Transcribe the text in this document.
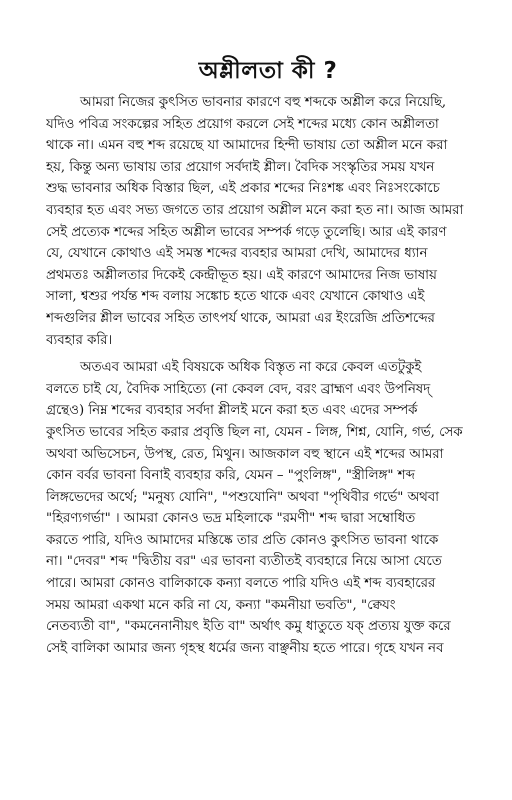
অশ্লীলতা কী ?

আমরা নিজের কুৎসিত ভাবনার কারণে বহু শব্দকে অশ্লীল করে নিয়েছি,
যদিও পবিত্র সংকল্পের সহিত প্রয়োগ করলে সেই শব্দের মধ্যে কোন অশ্লীলতা
থাকে না। এমন বহু শব্দ রয়েছে যা আমাদের হিন্দী ভাষায় তো অশ্লীল মনে করা
হয়, কিন্তু অন্য ভাষায় তার প্রয়োগ সর্বদাই শ্লীল। বৈদিক সংস্কৃতির সময় যখন
শুদ্ধ ভাবনার অধিক বিস্তার ছিল, এই প্রকার শব্দের নিঃশঙ্ক এবং নিঃসংকোচে
ব্যবহার হত এবং সভ্য জগতে তার প্রয়োগ অশ্লীল মনে করা হত না। আজ আমরা
সেই প্রত্যেক শব্দের সহিত অশ্লীল ভাবের সম্পর্ক গড়ে তুলেছি। আর এই কারণ
যে, যেখানে কোথাও এই সমস্ত শব্দের ব্যবহার আমরা দেখি, আমাদের ধ্যান
প্রথমতঃ অশ্লীলতার দিকেই কেন্দ্রীভূত হয়। এই কারণে আমাদের নিজ ভাষায়
সালা, শ্বশুর পর্যন্ত শব্দ বলায় সঙ্কোচ হতে থাকে এবং যেখানে কোথাও এই
শব্দগুলির শ্লীল ভাবের সহিত তাৎপর্য থাকে, আমরা এর ইংরেজি প্রতিশব্দের
ব্যবহার করি।

অতএব আমরা এই বিষয়কে অধিক বিস্তৃত না করে কেবল এতটুকুই
বলতে চাই যে, বৈদিক সাহিত্যে (না কেবল বেদ, বরং ব্রাহ্মণ এবং উপনিষদ্
গ্রন্থেও) নিম্ন শব্দের ব্যবহার সর্বদা শ্লীলই মনে করা হত এবং এদের সম্পর্ক
কুৎসিত ভাবের সহিত করার প্রবৃত্তি ছিল না, যেমন - লিঙ্গ, শিশ্ন, যোনি, গর্ভ, সেক
অথবা অভিসেচন, উপস্থ, রেত, মিথুন। আজকাল বহু স্থানে এই শব্দের আমরা
কোন বর্বর ভাবনা বিনাই ব্যবহার করি, যেমন – "পুংলিঙ্গ", "স্ত্রীলিঙ্গ" শব্দ
লিঙ্গভেদের অর্থে; "মনুষ্য যোনি", "পশুযোনি" অথবা "পৃথিবীর গর্ভে" অথবা
"হিরণ্যগর্ভা" । আমরা কোনও ভদ্র মহিলাকে "রমণী" শব্দ দ্বারা সম্বোধিত
করতে পারি, যদিও আমাদের মস্তিষ্কে তার প্রতি কোনও কুৎসিত ভাবনা থাকে
না। "দেবর" শব্দ "দ্বিতীয় বর" এর ভাবনা ব্যতীতই ব্যবহারে নিয়ে আসা যেতে
পারে। আমরা কোনও বালিকাকে কন্যা বলতে পারি যদিও এই শব্দ ব্যবহারের
সময় আমরা একথা মনে করি না যে, কন্যা "কমনীয়া ভবতি", "ক্বেযং
নেতব্যতী বা", "কমনেনানীয়ৎ ইতি বা" অর্থাৎ কমু ধাতুতে যক্ প্রত্যয় যুক্ত করে
সেই বালিকা আমার জন্য গৃহস্থ ধর্মের জন্য বাঞ্ছনীয় হতে পারে। গৃহে যখন নব
